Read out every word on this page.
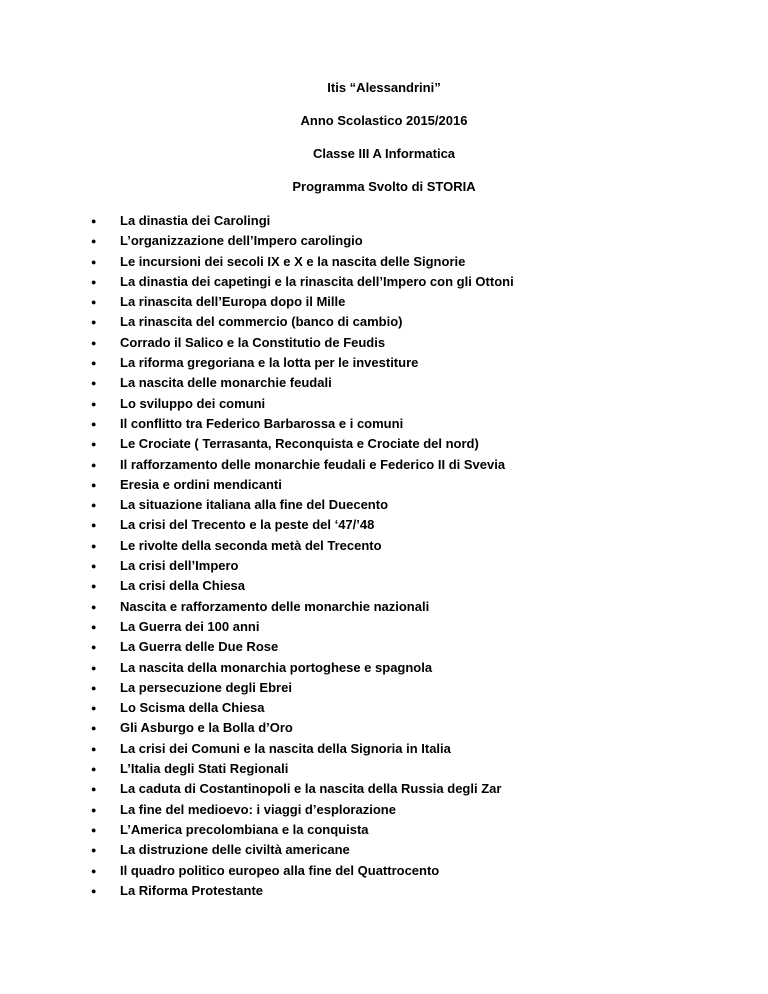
Itis “Alessandrini”
Anno Scolastico 2015/2016
Classe III A Informatica
Programma Svolto di STORIA
● La dinastia dei Carolingi
● L’organizzazione dell’Impero carolingio
● Le incursioni dei secoli IX e X e la nascita delle Signorie
● La dinastia dei capetingi e la rinascita dell’Impero con gli Ottoni
● La rinascita dell’Europa dopo il Mille
● La rinascita del commercio (banco di cambio)
● Corrado il Salico e la Constitutio de Feudis
● La riforma gregoriana e la lotta per le investiture
● La nascita delle monarchie feudali
● Lo sviluppo dei comuni
● Il conflitto tra Federico Barbarossa e i comuni
● Le Crociate ( Terrasanta, Reconquista e Crociate del nord)
● Il rafforzamento delle monarchie feudali e Federico II di Svevia
● Eresia e ordini mendicanti
● La situazione italiana alla fine del Duecento
● La crisi del Trecento e la peste del ‘47/’48
● Le rivolte della seconda metà del Trecento
● La crisi dell’Impero
● La crisi della Chiesa
● Nascita e rafforzamento delle monarchie nazionali
● La Guerra dei 100 anni
● La Guerra delle Due Rose
● La nascita della monarchia portoghese e spagnola
● La persecuzione degli Ebrei
● Lo Scisma della Chiesa
● Gli Asburgo e la Bolla d’Oro
● La crisi dei Comuni e la nascita della Signoria in Italia
● L’Italia degli Stati Regionali
● La caduta di Costantinopoli e la nascita della Russia degli Zar
● La fine del medioevo: i viaggi d’esplorazione
● L’America precolombiana e la conquista
● La distruzione delle civiltà americane
● Il quadro politico europeo alla fine del Quattrocento
● La Riforma Protestante
